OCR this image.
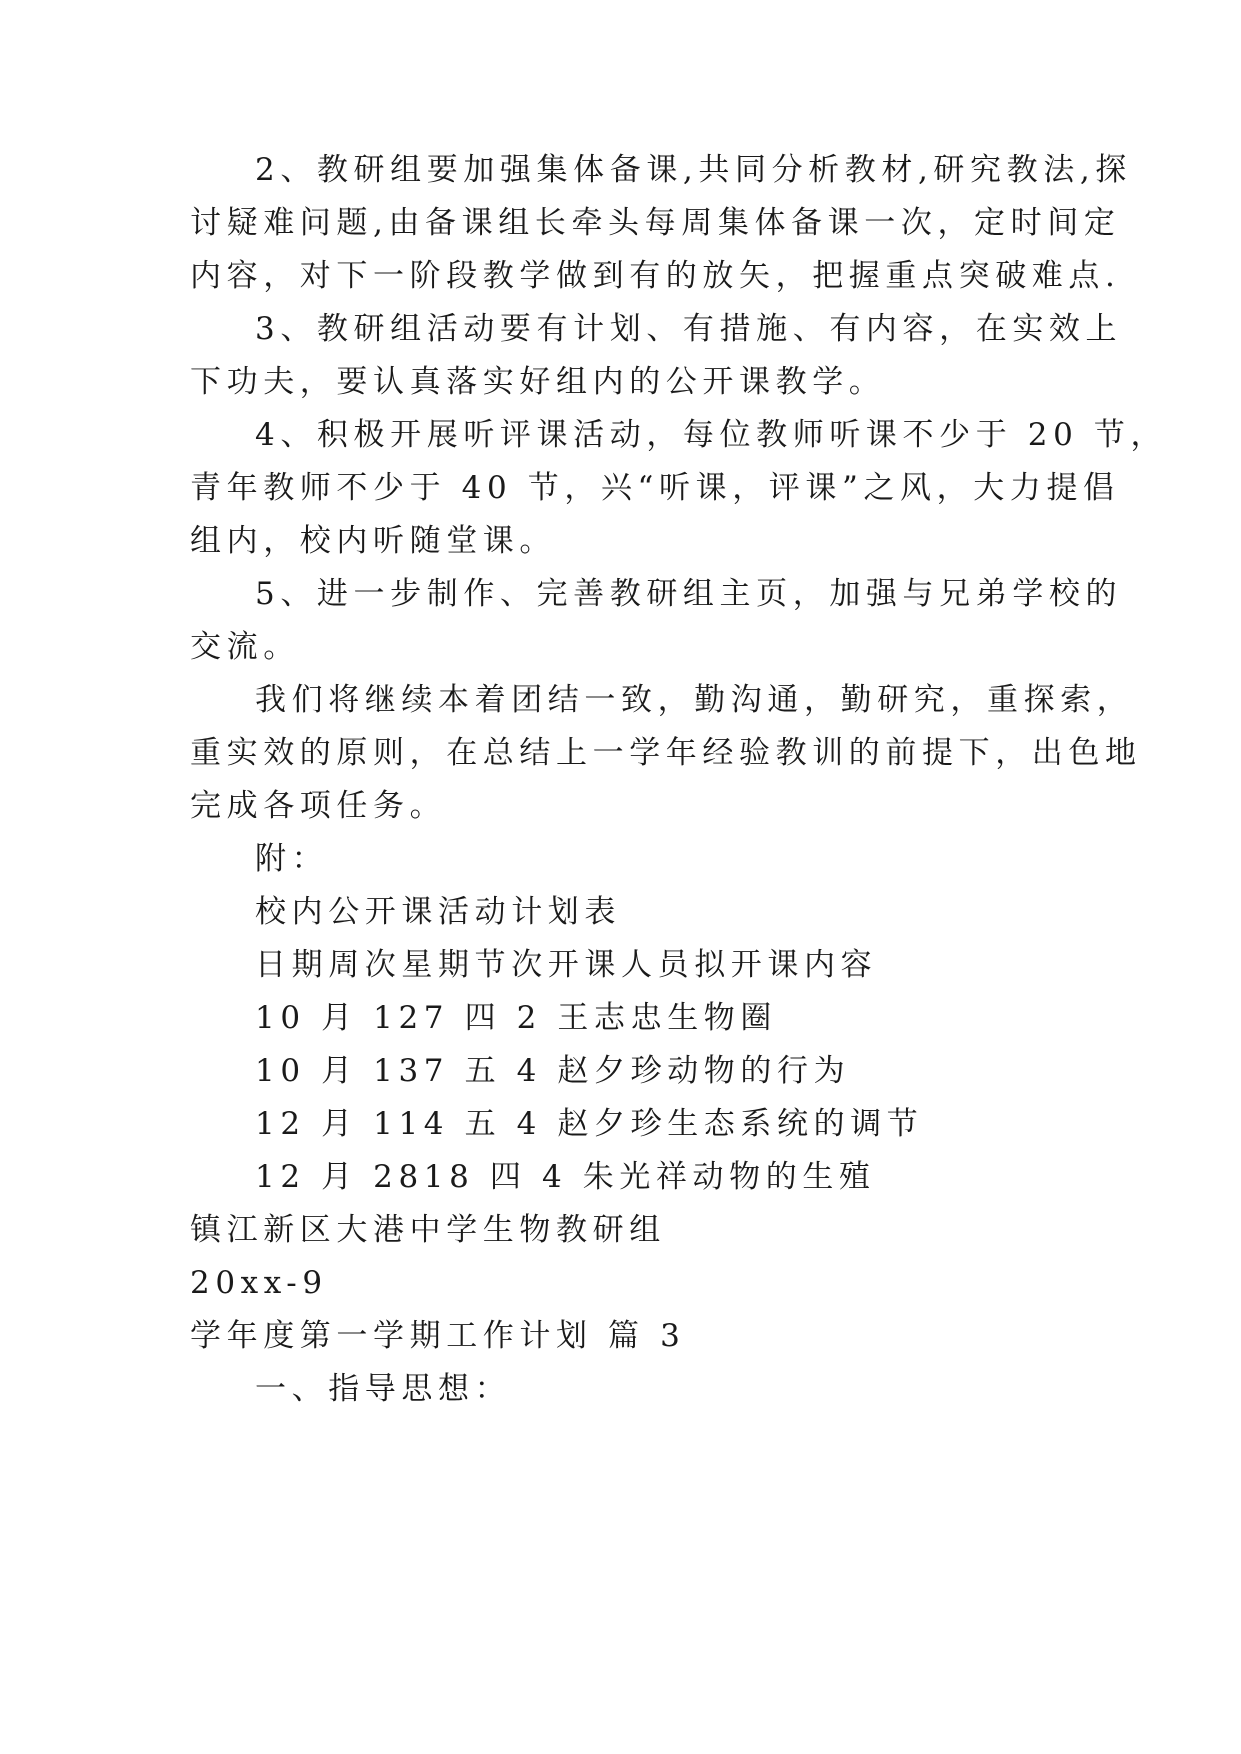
2、教研组要加强集体备课,共同分析教材,研究教法,探
讨疑难问题,由备课组长牵头每周集体备课一次，定时间定
内容，对下一阶段教学做到有的放矢，把握重点突破难点.
3、教研组活动要有计划、有措施、有内容，在实效上
下功夫，要认真落实好组内的公开课教学。
4、积极开展听评课活动，每位教师听课不少于 20 节，
青年教师不少于 40 节，兴“听课，评课”之风，大力提倡
组内，校内听随堂课。
5、进一步制作、完善教研组主页，加强与兄弟学校的
交流。
我们将继续本着团结一致，勤沟通，勤研究，重探索，
重实效的原则，在总结上一学年经验教训的前提下，出色地
完成各项任务。
附：
校内公开课活动计划表
日期周次星期节次开课人员拟开课内容
10 月 127 四 2 王志忠生物圈
10 月 137 五 4 赵夕珍动物的行为
12 月 114 五 4 赵夕珍生态系统的调节
12 月 2818 四 4 朱光祥动物的生殖
镇江新区大港中学生物教研组
20xx-9
学年度第一学期工作计划 篇 3
一、指导思想：
